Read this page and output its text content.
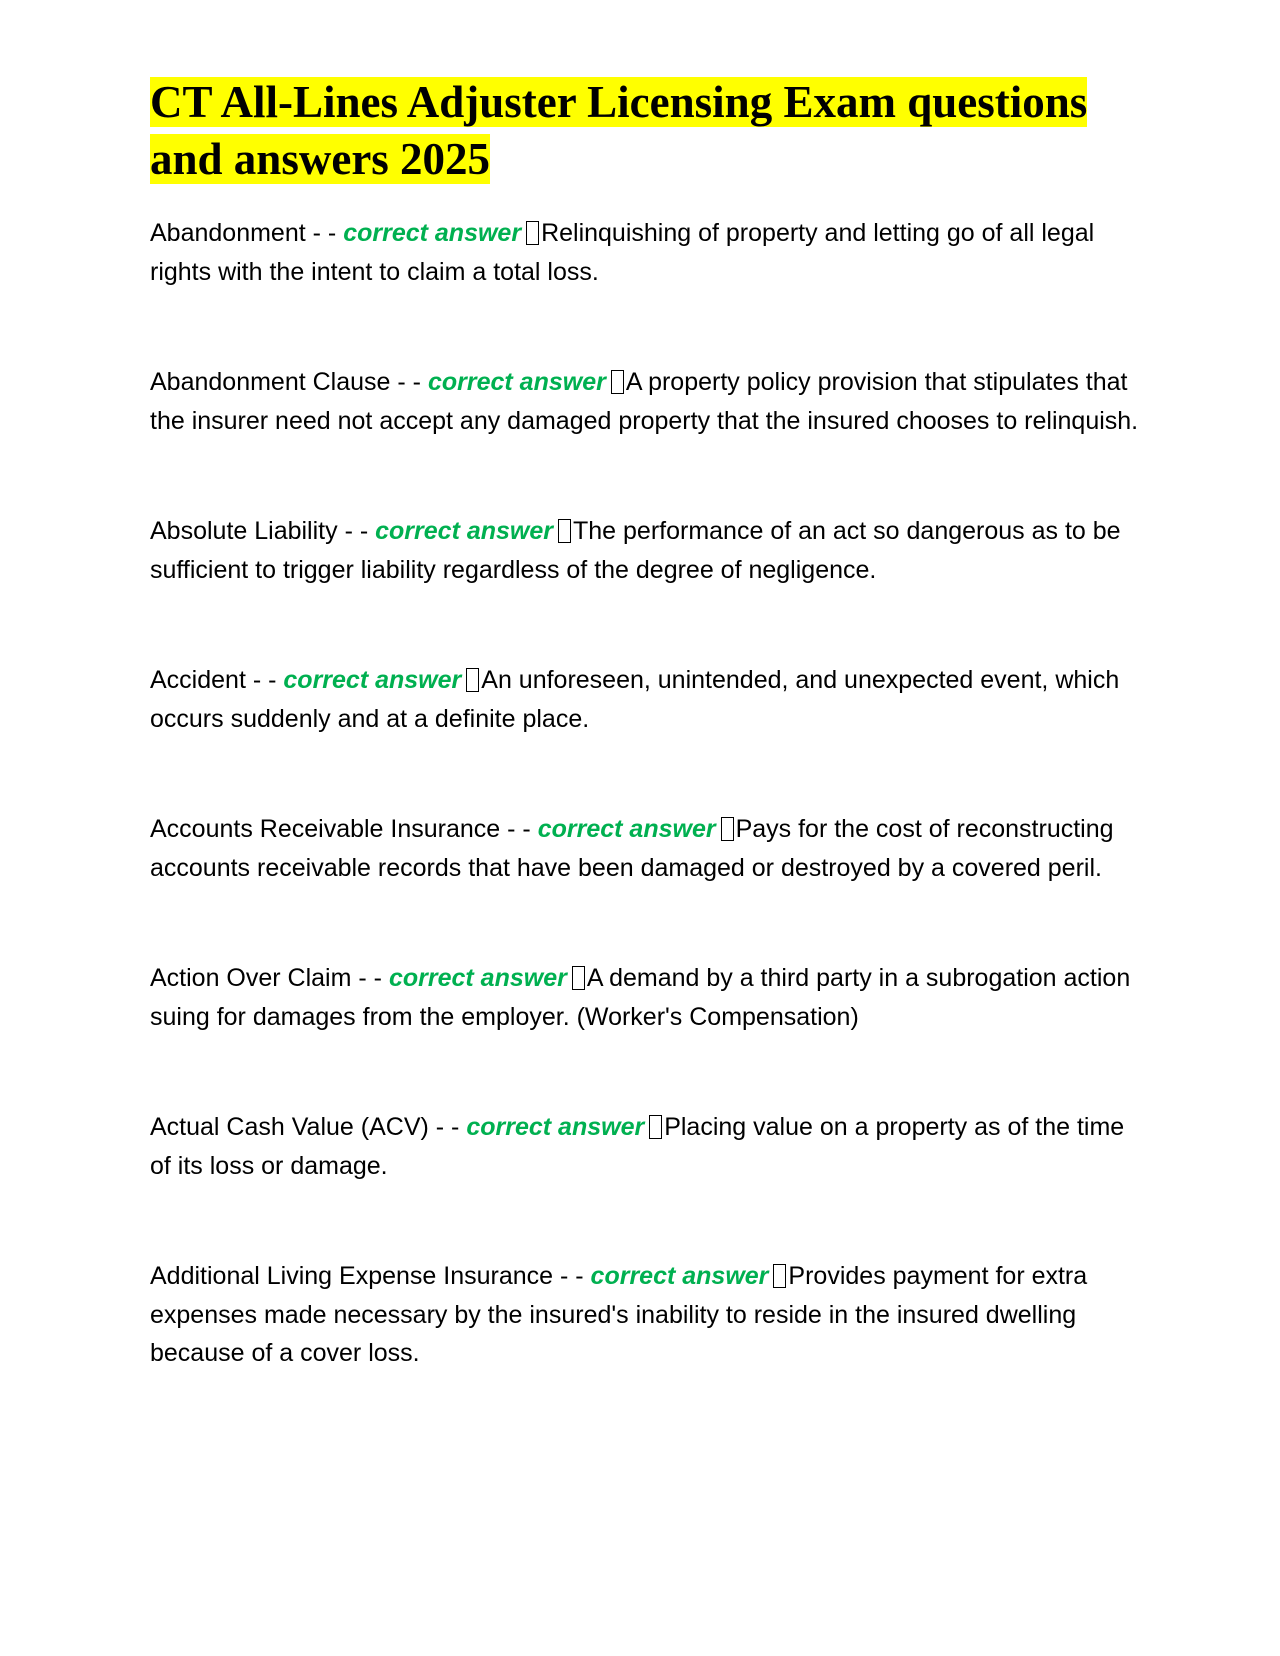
CT All-Lines Adjuster Licensing Exam questions and answers 2025

Abandonment - - correct answer Relinquishing of property and letting go of all legal rights with the intent to claim a total loss.

Abandonment Clause - - correct answer A property policy provision that stipulates that the insurer need not accept any damaged property that the insured chooses to relinquish.

Absolute Liability - - correct answer The performance of an act so dangerous as to be sufficient to trigger liability regardless of the degree of negligence.

Accident - - correct answer An unforeseen, unintended, and unexpected event, which occurs suddenly and at a definite place.

Accounts Receivable Insurance - - correct answer Pays for the cost of reconstructing accounts receivable records that have been damaged or destroyed by a covered peril.

Action Over Claim - - correct answer A demand by a third party in a subrogation action suing for damages from the employer. (Worker's Compensation)

Actual Cash Value (ACV) - - correct answer Placing value on a property as of the time of its loss or damage.

Additional Living Expense Insurance - - correct answer Provides payment for extra expenses made necessary by the insured's inability to reside in the insured dwelling because of a cover loss.
